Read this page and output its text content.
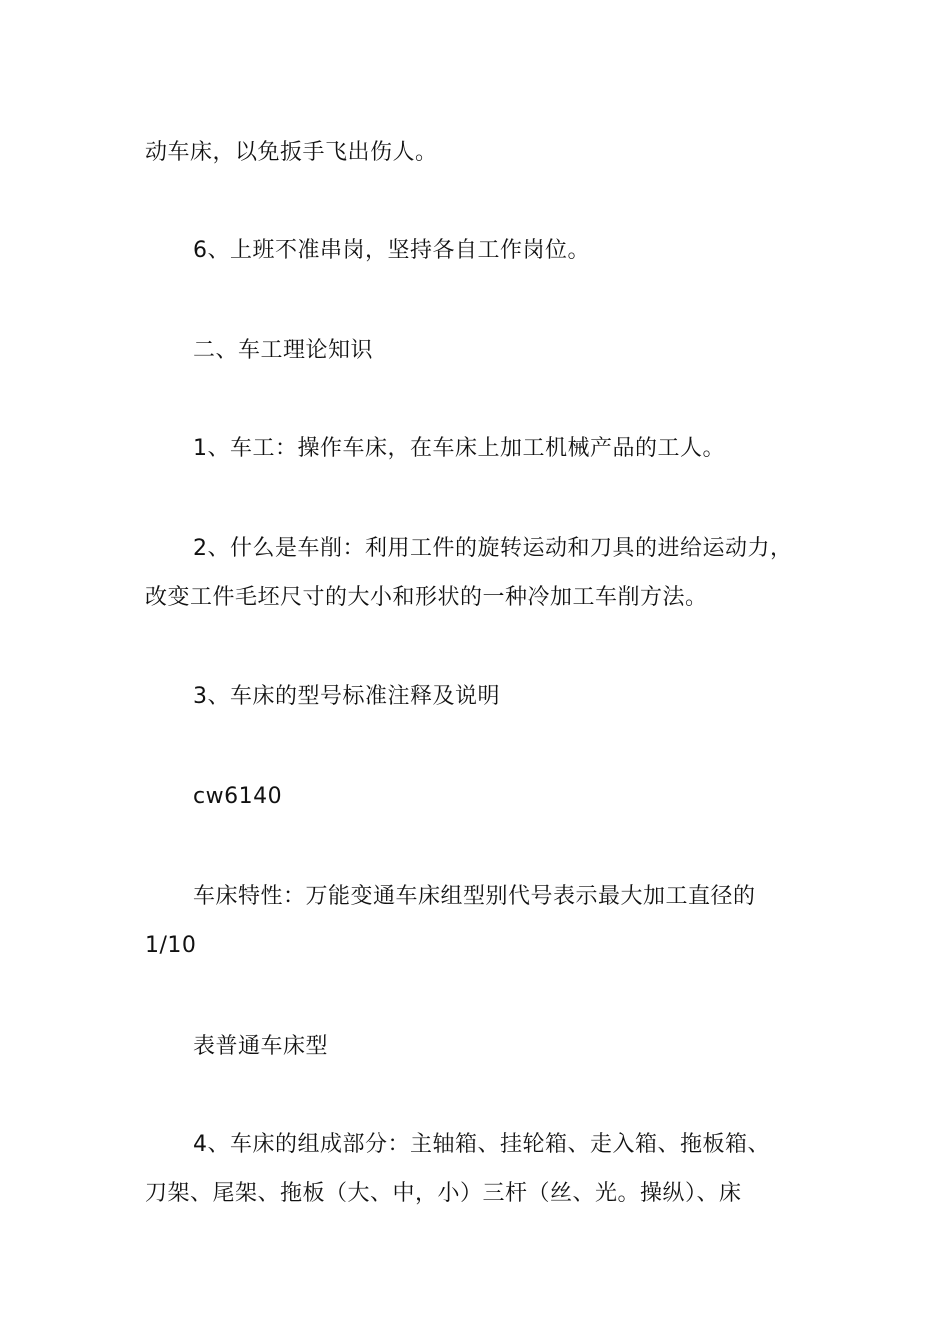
动车床，以免扳手飞出伤人。

6、上班不准串岗，坚持各自工作岗位。

二、车工理论知识

1、车工：操作车床，在车床上加工机械产品的工人。

2、什么是车削：利用工件的旋转运动和刀具的进给运动力，
改变工件毛坯尺寸的大小和形状的一种冷加工车削方法。

3、车床的型号标准注释及说明

cw6140

车床特性：万能变通车床组型别代号表示最大加工直径的
1/10

表普通车床型

4、车床的组成部分：主轴箱、挂轮箱、走入箱、拖板箱、
刀架、尾架、拖板（大、中，小）三杆（丝、光。操纵）、床
